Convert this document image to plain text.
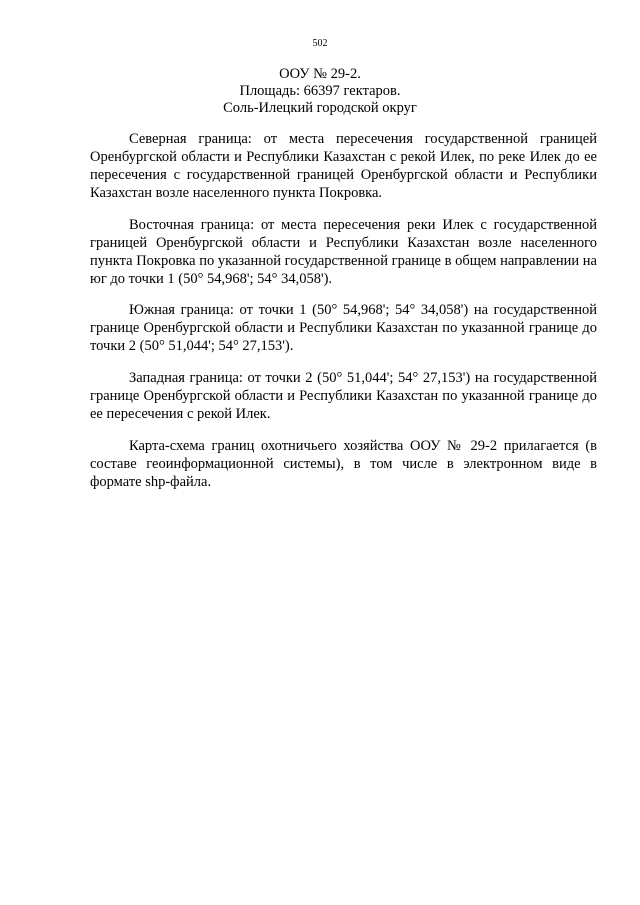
502
ООУ № 29-2.
Площадь: 66397 гектаров.
Соль-Илецкий городской округ

Северная граница: от места пересечения государственной границей Оренбургской области и Республики Казахстан с рекой Илек, по реке Илек до ее пересечения с государственной границей Оренбургской области и Республики Казахстан возле населенного пункта Покровка.

Восточная граница: от места пересечения реки Илек с государственной границей Оренбургской области и Республики Казахстан возле населенного пункта Покровка по указанной государственной границе в общем направлении на юг до точки 1 (50° 54,968'; 54° 34,058').

Южная граница: от точки 1 (50° 54,968'; 54° 34,058') на государственной границе Оренбургской области и Республики Казахстан по указанной границе до точки 2 (50° 51,044'; 54° 27,153').

Западная граница: от точки 2 (50° 51,044'; 54° 27,153') на государственной границе Оренбургской области и Республики Казахстан по указанной границе до ее пересечения с рекой Илек.

Карта-схема границ охотничьего хозяйства ООУ № 29-2 прилагается (в составе геоинформационной системы), в том числе в электронном виде в формате shp-файла.
